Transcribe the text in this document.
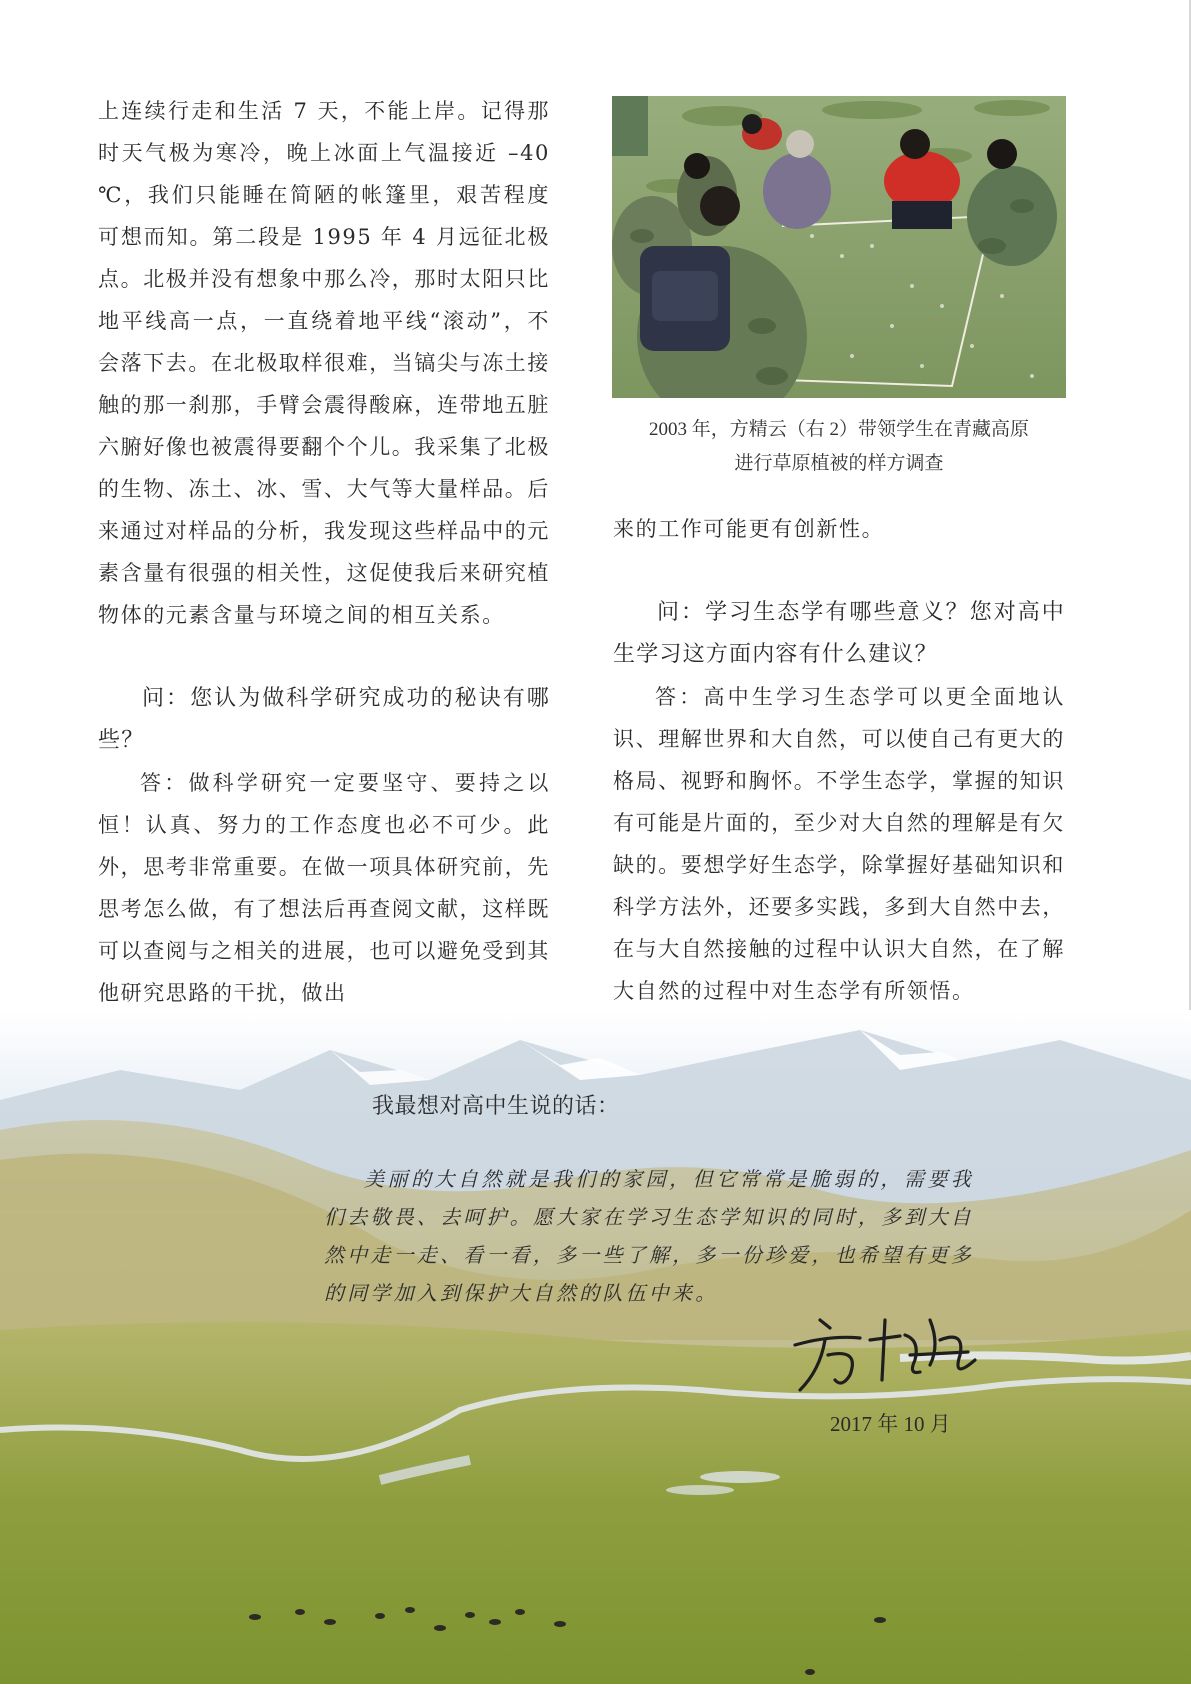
上连续行走和生活 7 天，不能上岸。记得那时天气极为寒冷，晚上冰面上气温接近 –40 ℃，我们只能睡在简陋的帐篷里，艰苦程度可想而知。第二段是 1995 年 4 月远征北极点。北极并没有想象中那么冷，那时太阳只比地平线高一点，一直绕着地平线“滚动”，不会落下去。在北极取样很难，当镐尖与冻土接触的那一刹那，手臂会震得酸麻，连带地五脏六腑好像也被震得要翻个个儿。我采集了北极的生物、冻土、冰、雪、大气等大量样品。后来通过对样品的分析，我发现这些样品中的元素含量有很强的相关性，这促使我后来研究植物体的元素含量与环境之间的相互关系。

问：您认为做科学研究成功的秘诀有哪些？

答：做科学研究一定要坚守、要持之以恒！认真、努力的工作态度也必不可少。此外，思考非常重要。在做一项具体研究前，先思考怎么做，有了想法后再查阅文献，这样既可以查阅与之相关的进展，也可以避免受到其他研究思路的干扰，做出

2003 年，方精云（右 2）带领学生在青藏高原
进行草原植被的样方调查

来的工作可能更有创新性。

问：学习生态学有哪些意义？您对高中生学习这方面内容有什么建议？

答：高中生学习生态学可以更全面地认识、理解世界和大自然，可以使自己有更大的格局、视野和胸怀。不学生态学，掌握的知识有可能是片面的，至少对大自然的理解是有欠缺的。要想学好生态学，除掌握好基础知识和科学方法外，还要多实践，多到大自然中去，在与大自然接触的过程中认识大自然，在了解大自然的过程中对生态学有所领悟。

我最想对高中生说的话：

美丽的大自然就是我们的家园，但它常常是脆弱的，需要我们去敬畏、去呵护。愿大家在学习生态学知识的同时，多到大自然中走一走、看一看，多一些了解，多一份珍爱，也希望有更多的同学加入到保护大自然的队伍中来。

2017 年 10 月
